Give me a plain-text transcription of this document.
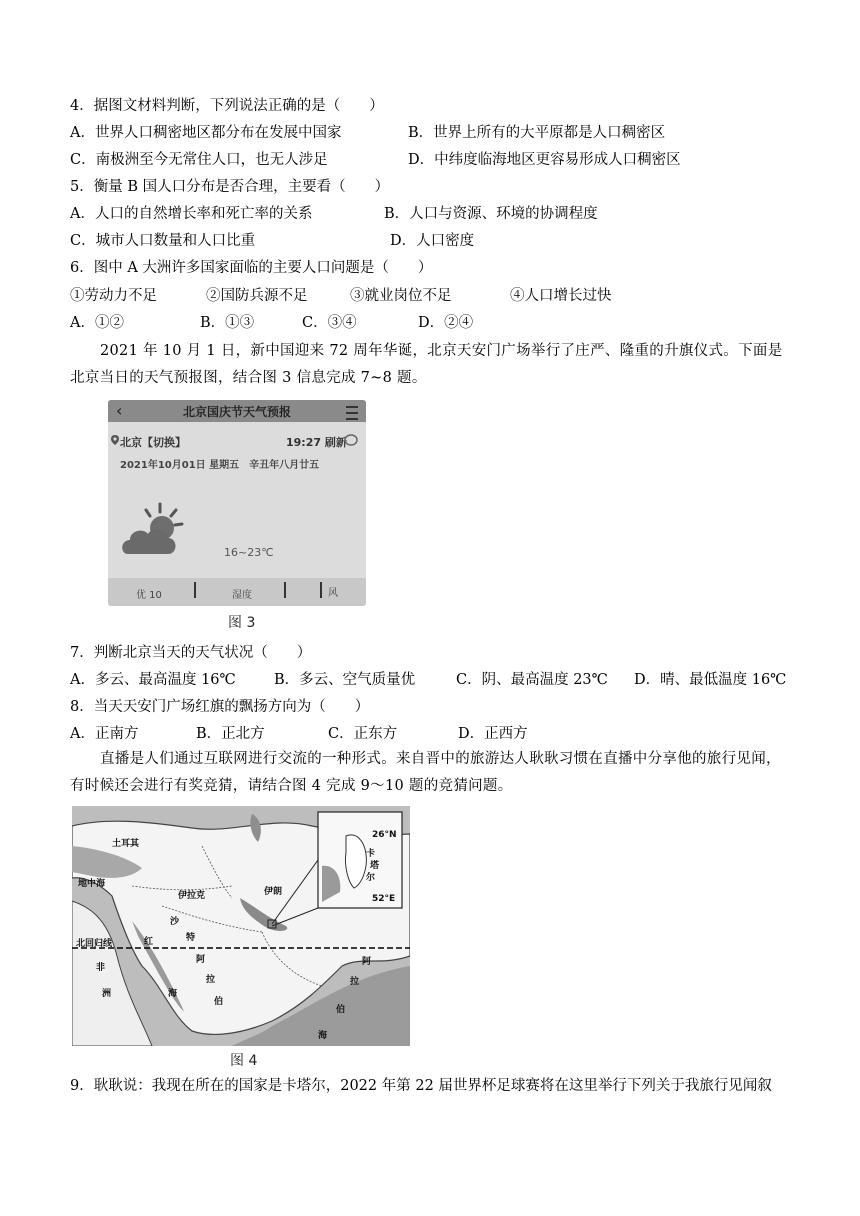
4．据图文材料判断，下列说法正确的是（　　）
A．世界人口稠密地区都分布在发展中国家	B．世界上所有的大平原都是人口稠密区
C．南极洲至今无常住人口，也无人涉足	D．中纬度临海地区更容易形成人口稠密区
5．衡量 B 国人口分布是否合理，主要看（　　）
A．人口的自然增长率和死亡率的关系	B．人口与资源、环境的协调程度
C．城市人口数量和人口比重	D．人口密度
6．图中 A 大洲许多国家面临的主要人口问题是（　　）
①劳动力不足	②国防兵源不足	③就业岗位不足	④人口增长过快
A．①②	B．①③	C．③④	D．②④
2021 年 10 月 1 日，新中国迎来 72 周年华诞，北京天安门广场举行了庄严、隆重的升旗仪式。下面是北京当日的天气预报图，结合图 3 信息完成 7~8 题。
‹	北京国庆节天气预报
北京【切换】	19:27 刷新
2021年10月01日 星期五　辛丑年八月廿五
16~23℃
优 10	湿度	风
图 3
7．判断北京当天的天气状况（　　）
A．多云、最高温度 16℃	B．多云、空气质量优	C．阴、最高温度 23℃ D．晴、最低温度 16℃
8．当天天安门广场红旗的飘扬方向为（　　）
A．正南方	B．正北方	C．正东方	D．正西方
直播是人们通过互联网进行交流的一种形式。来自晋中的旅游达人耿耿习惯在直播中分享他的旅行见闻，有时候还会进行有奖竞猜，请结合图 4 完成 9～10 题的竞猜问题。
土耳其
地中海
伊拉克	伊朗
沙
特
阿
拉
伯
红
海
非
洲
北回归线
阿
拉
伯
海
卡
塔
尔
26°N
52°E
图 4
9．耿耿说：我现在所在的国家是卡塔尔，2022 年第 22 届世界杯足球赛将在这里举行下列关于我旅行见闻叙
